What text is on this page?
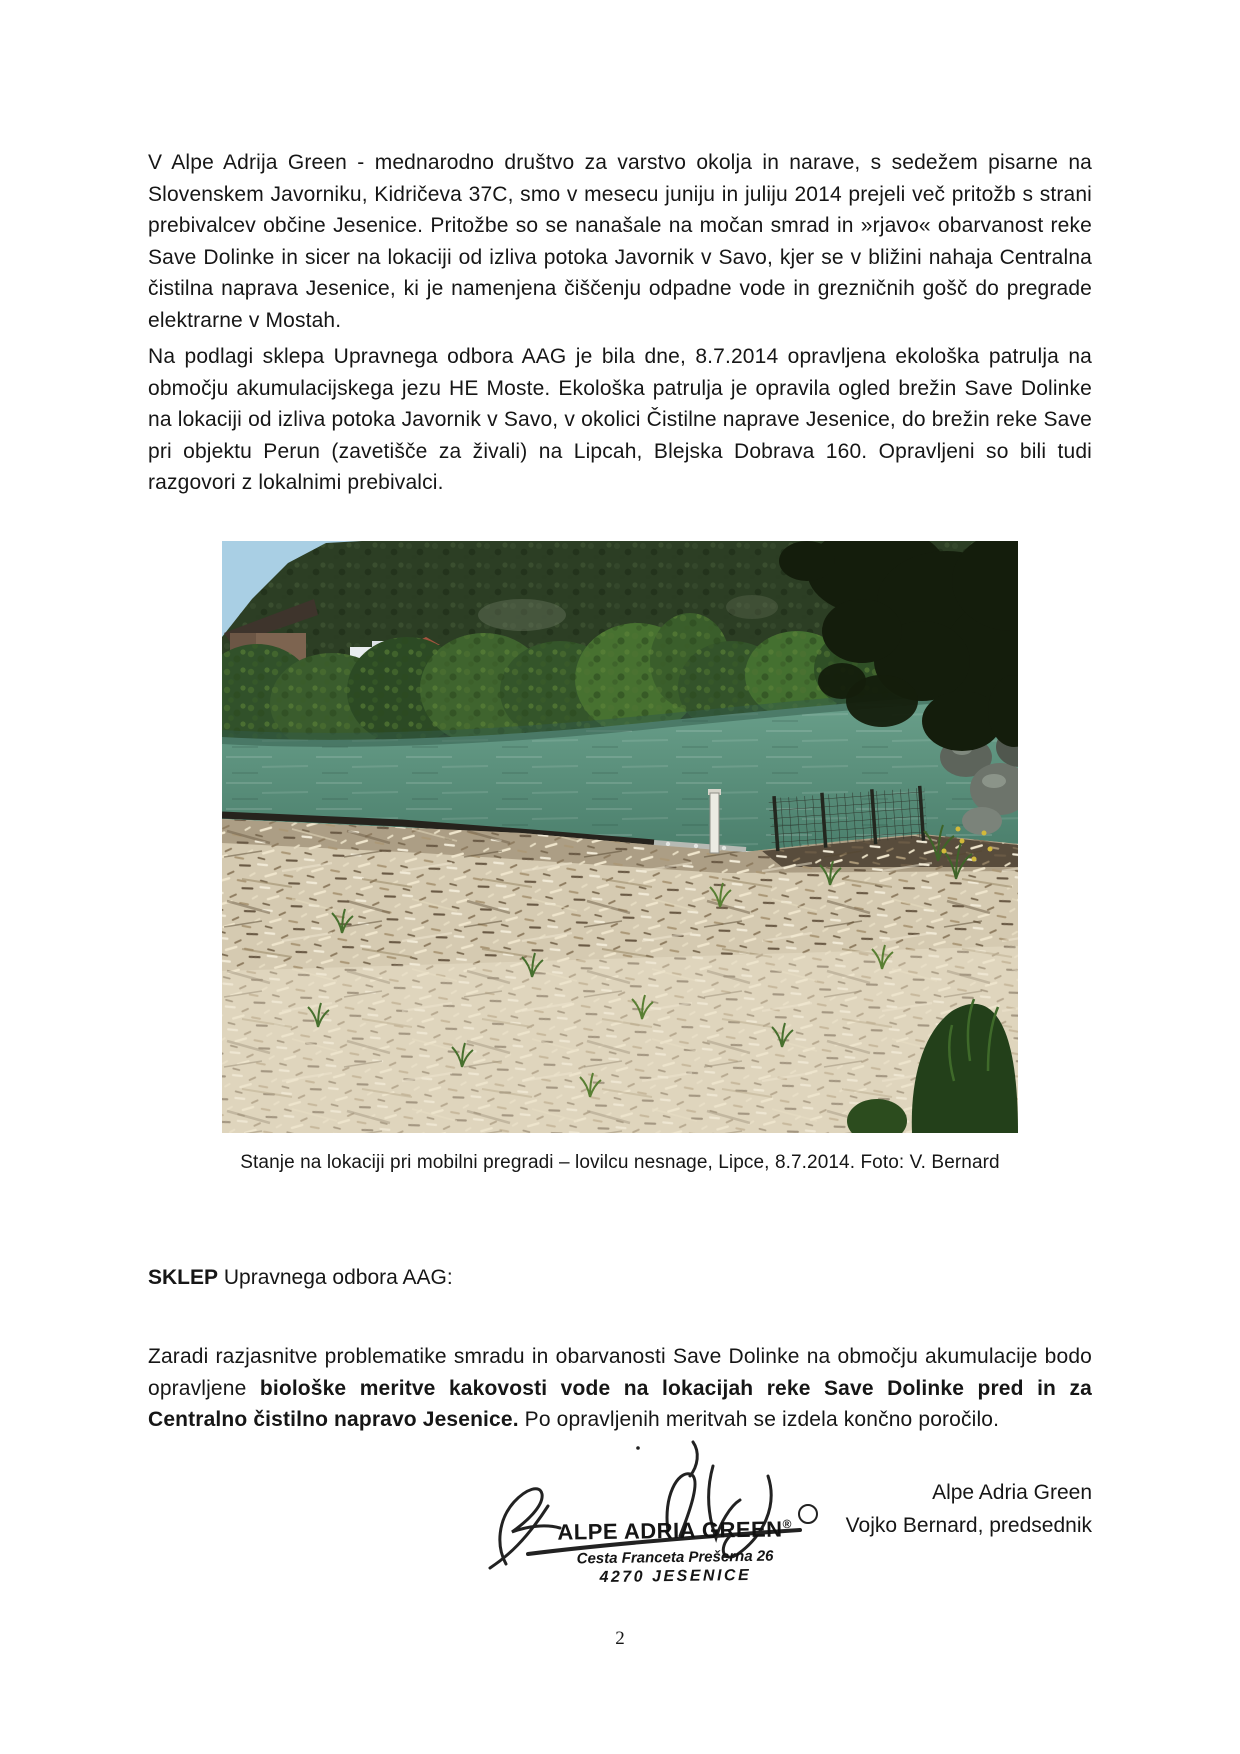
V Alpe Adrija Green - mednarodno društvo za varstvo okolja in narave, s sedežem pisarne na Slovenskem Javorniku, Kidričeva 37C, smo v mesecu juniju in juliju 2014 prejeli več pritožb s strani prebivalcev občine Jesenice. Pritožbe so se nanašale na močan smrad in »rjavo« obarvanost reke Save Dolinke in sicer na lokaciji od izliva potoka Javornik v Savo, kjer se v bližini nahaja Centralna čistilna naprava Jesenice, ki je namenjena čiščenju odpadne vode in grezničnih gošč do pregrade elektrarne v Mostah.

Na podlagi sklepa Upravnega odbora AAG je bila dne, 8.7.2014 opravljena ekološka patrulja na območju akumulacijskega jezu HE Moste. Ekološka patrulja je opravila ogled brežin Save Dolinke na lokaciji od izliva potoka Javornik v Savo, v okolici Čistilne naprave Jesenice, do brežin reke Save pri objektu Perun (zavetišče za živali) na Lipcah, Blejska Dobrava 160. Opravljeni so bili tudi razgovori z lokalnimi prebivalci.

Stanje na lokaciji pri mobilni pregradi – lovilcu nesnage, Lipce, 8.7.2014. Foto: V. Bernard
SKLEP Upravnega odbora AAG:

Zaradi razjasnitve problematike smradu in obarvanosti Save Dolinke na območju akumulacije bodo opravljene biološke meritve kakovosti vode na lokacijah reke Save Dolinke pred in za Centralno čistilno napravo Jesenice. Po opravljenih meritvah se izdela končno poročilo.

ALPE ADRIA GREEN®
Cesta Franceta Prešerna 26
4270 JESENICE
Alpe Adria Green
Vojko Bernard, predsednik
2
